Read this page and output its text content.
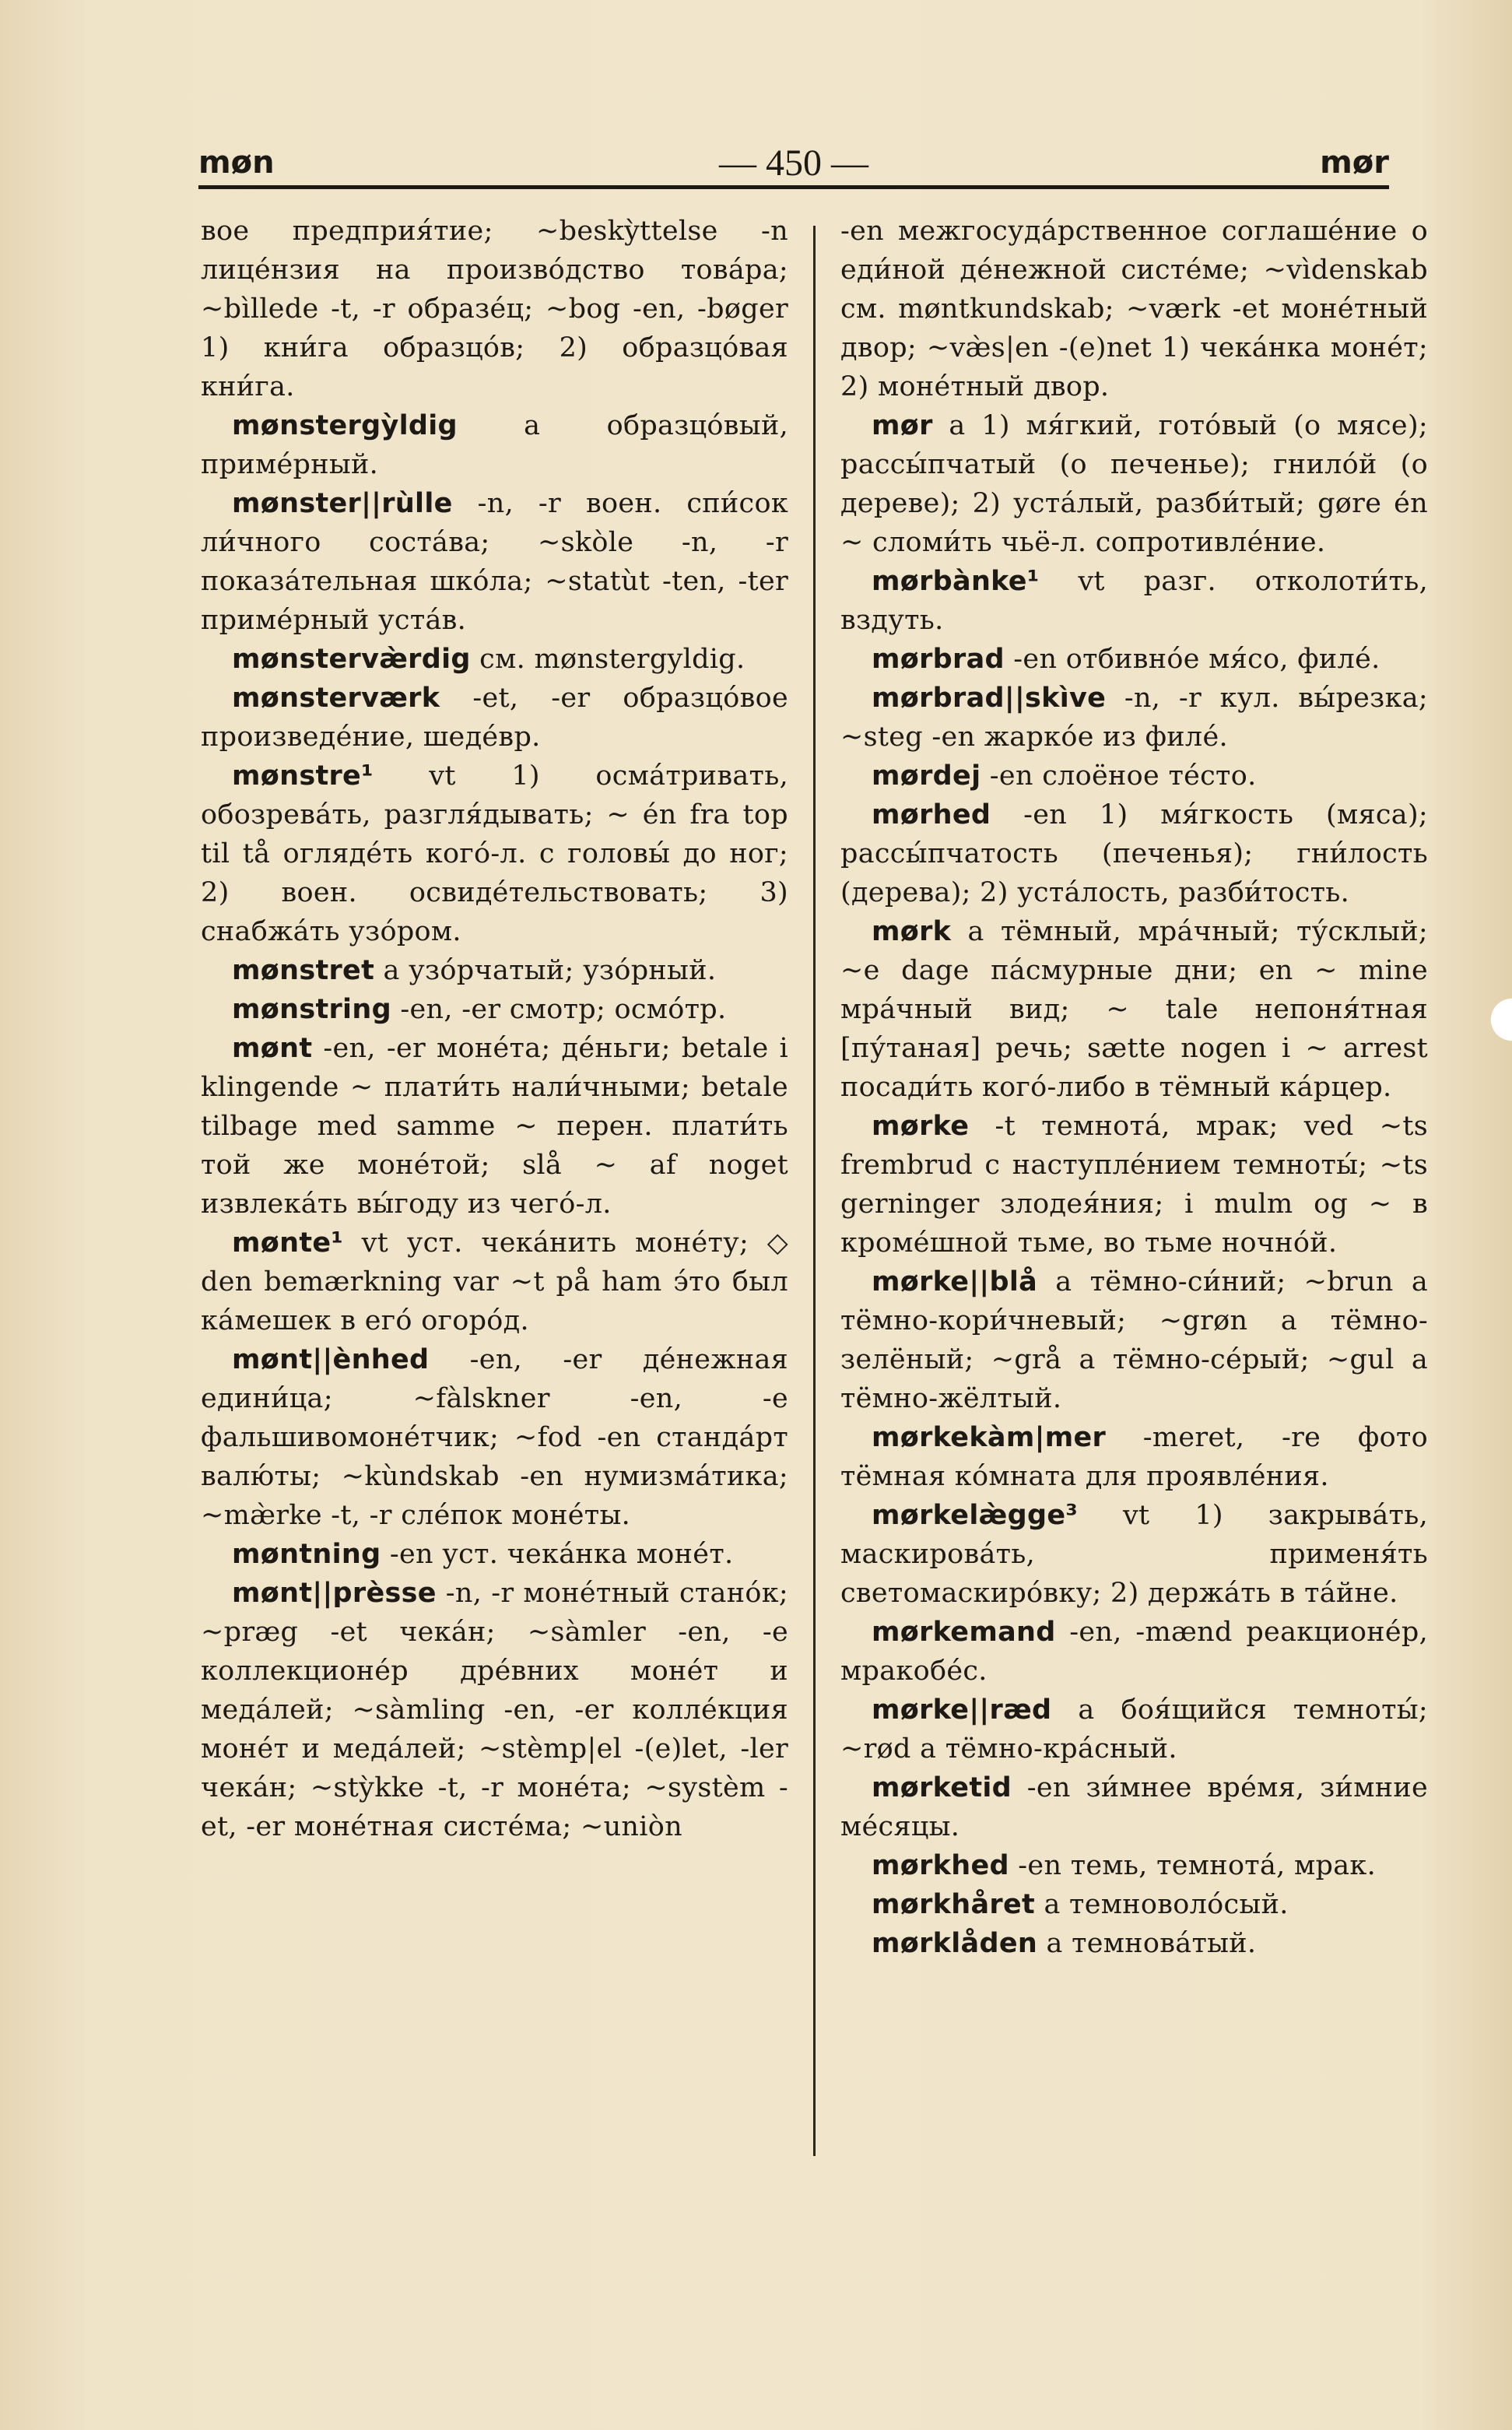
møn	— 450 —	mør

вое предприя́тие; ~beskỳttelse -n лице́нзия на произво́дство това́ра; ~bìllede -t, -r образе́ц; ~bog -en, -bøger 1) кни́га образцо́в; 2) образцо́вая кни́га.

mønstergỳldig a образцо́вый, приме́рный.

mønster||rùlle -n, -r воен. спи́сок ли́чного соста́ва; ~skòle -n, -r показа́тельная шко́ла; ~statùt -ten, -ter приме́рный уста́в.

mønstervæ̀rdig см. mønstergyldig.

mønsterværk -et, -er образцо́вое произведе́ние, шеде́вр.

mønstre¹ vt 1) осма́тривать, обозрева́ть, разгля́дывать; ~ én fra top til tå огляде́ть кого́-л. с головы́ до ног; 2) воен. освиде́тельствовать; 3) снабжа́ть узо́ром.

mønstret a узо́рчатый; узо́рный.

mønstring -en, -er смотр; осмо́тр.

mønt -en, -er моне́та; де́ньги; betale i klingende ~ плати́ть нали́чными; betale tilbage med samme ~ перен. плати́ть той же моне́той; slå ~ af noget извлека́ть вы́году из чего́-л.

mønte¹ vt уст. чека́нить моне́ту; ◇ den bemærkning var ~t på ham э́то был ка́мешек в его́ огоро́д.

mønt||ènhed -en, -er де́нежная едини́ца; ~fàlskner -en, -e фальшивомоне́тчик; ~fod -en станда́рт валю́ты; ~kùndskab -en нумизма́тика; ~mæ̀rke -t, -r сле́пок моне́ты.

møntning -en уст. чека́нка моне́т.

mønt||prèsse -n, -r моне́тный стано́к; ~præg -et чека́н; ~sàmler -en, -e коллекционе́р дре́вних моне́т и меда́лей; ~sàmling -en, -er колле́кция моне́т и меда́лей; ~stèmp|el -(e)let, -ler чека́н; ~stỳkke -t, -r моне́та; ~systèm -et, -er моне́тная систе́ма; ~uniòn

-en межгосуда́рственное соглаше́ние о еди́ной де́нежной систе́ме; ~vìdenskab см. møntkundskab; ~værk -et моне́тный двор; ~væ̀s|en -(e)net 1) чека́нка моне́т; 2) моне́тный двор.

mør a 1) мя́гкий, гото́вый (о мясе); рассы́пчатый (о печенье); гнило́й (о дереве); 2) уста́лый, разби́тый; gøre én ~ сломи́ть чьё-л. сопротивле́ние.

mørbànke¹ vt разг. отколоти́ть, вздуть.

mørbrad -en отбивно́е мя́со, филе́.

mørbrad||skìve -n, -r кул. вы́резка; ~steg -en жарко́е из филе́.

mørdej -en слоёное те́сто.

mørhed -en 1) мя́гкость (мяса); рассы́пчатость (печенья); гни́лость (дерева); 2) уста́лость, разби́тость.

mørk a тёмный, мра́чный; ту́склый; ~e dage па́смурные дни; en ~ mine мра́чный вид; ~ tale непоня́тная [пу́таная] речь; sætte nogen i ~ arrest посади́ть кого́-либо в тёмный ка́рцер.

mørke -t темнота́, мрак; ved ~ts frembrud с наступле́нием темноты́; ~ts gerninger злодея́ния; i mulm og ~ в кроме́шной тьме, во тьме ночно́й.

mørke||blå a тёмно-си́ний; ~brun a тёмно-кори́чневый; ~grøn a тёмно-зелёный; ~grå a тёмно-се́рый; ~gul a тёмно-жёлтый.

mørkekàm|mer -meret, -re фото тёмная ко́мната для проявле́ния.

mørkelæ̀gge³ vt 1) закрыва́ть, маскирова́ть, применя́ть светомаскиро́вку; 2) держа́ть в та́йне.

mørkemand -en, -mænd реакционе́р, мракобе́с.

mørke||ræd a боя́щийся темноты́; ~rød a тёмно-кра́сный.

mørketid -en зи́мнее вре́мя, зи́мние ме́сяцы.

mørkhed -en темь, темнота́, мрак.

mørkhåret a темноволо́сый.

mørklåden a темнова́тый.
